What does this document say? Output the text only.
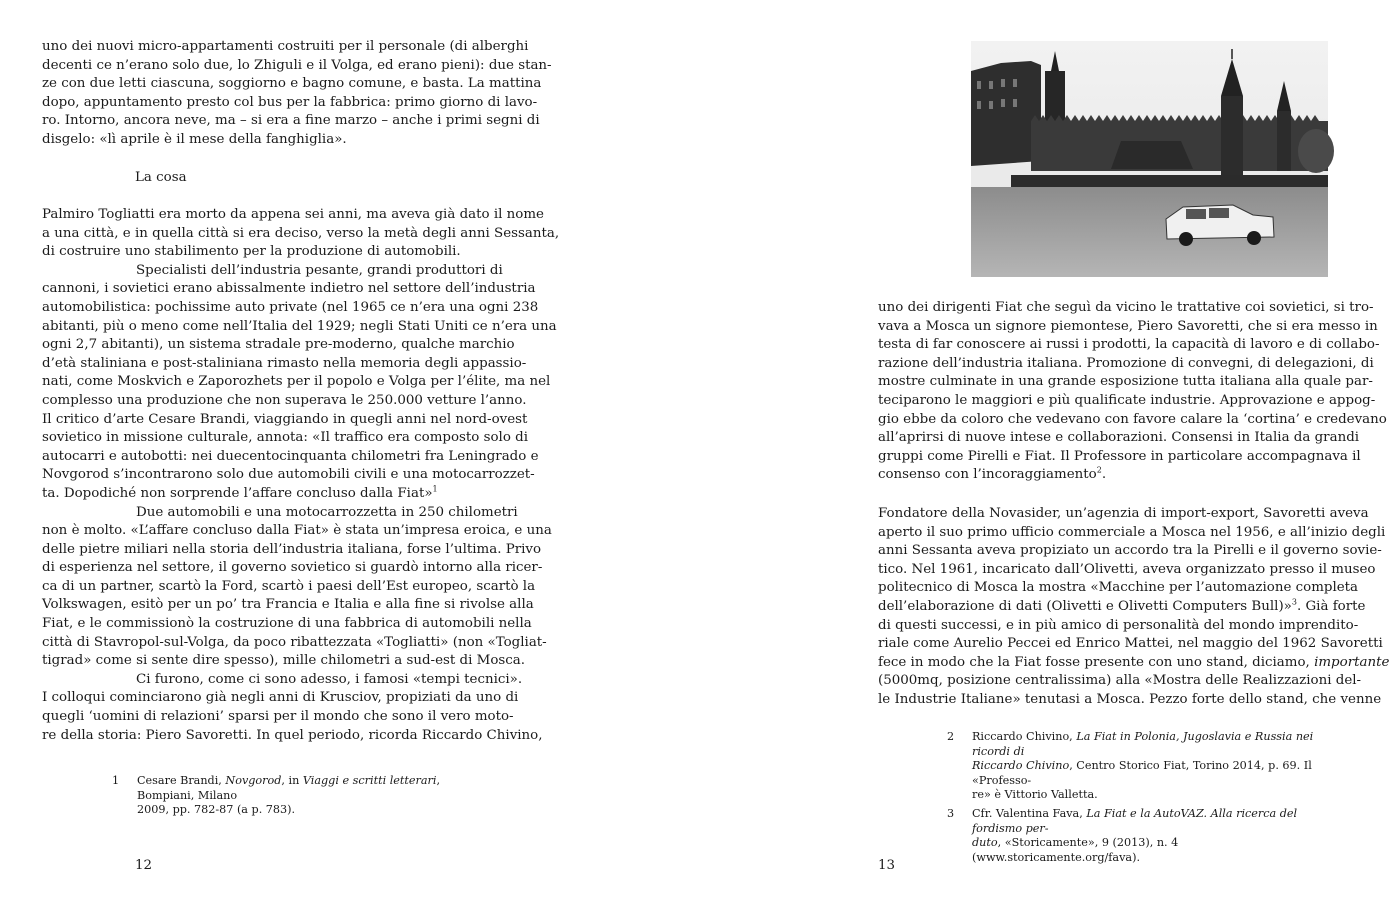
uno dei nuovi micro-appartamenti costruiti per il personale (di alberghi
decenti ce n’erano solo due, lo Zhiguli e il Volga, ed erano pieni): due stan-
ze con due letti ciascuna, soggiorno e bagno comune, e basta. La mattina
dopo, appuntamento presto col bus per la fabbrica: primo giorno di lavo-
ro. Intorno, ancora neve, ma – si era a fine marzo – anche i primi segni di
disgelo: «lì aprile è il mese della fanghiglia».
La cosa
Palmiro Togliatti era morto da appena sei anni, ma aveva già dato il nome
a una città, e in quella città si era deciso, verso la metà degli anni Sessanta,
di costruire uno stabilimento per la produzione di automobili.
Specialisti dell’industria pesante, grandi produttori di
cannoni, i sovietici erano abissalmente indietro nel settore dell’industria
automobilistica: pochissime auto private (nel 1965 ce n’era una ogni 238
abitanti, più o meno come nell’Italia del 1929; negli Stati Uniti ce n’era una
ogni 2,7 abitanti), un sistema stradale pre-moderno, qualche marchio
d’età staliniana e post-staliniana rimasto nella memoria degli appassio-
nati, come Moskvich e Zaporozhets per il popolo e Volga per l’élite, ma nel
complesso una produzione che non superava le 250.000 vetture l’anno.
Il critico d’arte Cesare Brandi, viaggiando in quegli anni nel nord-ovest
sovietico in missione culturale, annota: «Il traffico era composto solo di
autocarri e autobotti: nei duecentocinquanta chilometri fra Leningrado e
Novgorod s’incontrarono solo due automobili civili e una motocarrozzet-
ta. Dopodiché non sorprende l’affare concluso dalla Fiat»$^1$
Due automobili e una motocarrozzetta in 250 chilometri
non è molto. «L’affare concluso dalla Fiat» è stata un’impresa eroica, e una
delle pietre miliari nella storia dell’industria italiana, forse l’ultima. Privo
di esperienza nel settore, il governo sovietico si guardò intorno alla ricer-
ca di un partner, scartò la Ford, scartò i paesi dell’Est europeo, scartò la
Volkswagen, esitò per un po’ tra Francia e Italia e alla fine si rivolse alla
Fiat, e le commissionò la costruzione di una fabbrica di automobili nella
città di Stavropol-sul-Volga, da poco ribattezzata «Togliatti» (non «Togliat-
tigrad» come si sente dire spesso), mille chilometri a sud-est di Mosca.
Ci furono, come ci sono adesso, i famosi «tempi tecnici».
I colloqui cominciarono già negli anni di Krusciov, propiziati da uno di
quegli ‘uomini di relazioni’ sparsi per il mondo che sono il vero moto-
re della storia: Piero Savoretti. In quel periodo, ricorda Riccardo Chivino,
1 Cesare Brandi, Novgorod, in Viaggi e scritti letterari, Bompiani, Milano
2009, pp. 782-87 (a p. 783).
12
uno dei dirigenti Fiat che seguì da vicino le trattative coi sovietici, si tro-
vava a Mosca un signore piemontese, Piero Savoretti, che si era messo in
testa di far conoscere ai russi i prodotti, la capacità di lavoro e di collabo-
razione dell’industria italiana. Promozione di convegni, di delegazioni, di
mostre culminate in una grande esposizione tutta italiana alla quale par-
teciparono le maggiori e più qualificate industrie. Approvazione e appog-
gio ebbe da coloro che vedevano con favore calare la ‘cortina’ e credevano
all’aprirsi di nuove intese e collaborazioni. Consensi in Italia da grandi
gruppi come Pirelli e Fiat. Il Professore in particolare accompagnava il
consenso con l’incoraggiamento$^2$.
Fondatore della Novasider, un’agenzia di import-export, Savoretti aveva
aperto il suo primo ufficio commerciale a Mosca nel 1956, e all’inizio degli
anni Sessanta aveva propiziato un accordo tra la Pirelli e il governo sovie-
tico. Nel 1961, incaricato dall’Olivetti, aveva organizzato presso il museo
politecnico di Mosca la mostra «Macchine per l’automazione completa
dell’elaborazione di dati (Olivetti e Olivetti Computers Bull)»$^3$. Già forte
di questi successi, e in più amico di personalità del mondo imprendito-
riale come Aurelio Peccei ed Enrico Mattei, nel maggio del 1962 Savoretti
fece in modo che la Fiat fosse presente con uno stand, diciamo, importante
(5000mq, posizione centralissima) alla «Mostra delle Realizzazioni del-
le Industrie Italiane» tenutasi a Mosca. Pezzo forte dello stand, che venne
2 Riccardo Chivino, La Fiat in Polonia, Jugoslavia e Russia nei ricordi di
Riccardo Chivino, Centro Storico Fiat, Torino 2014, p. 69. Il «Professo-
re» è Vittorio Valletta.
3 Cfr. Valentina Fava, La Fiat e la AutoVAZ. Alla ricerca del fordismo per-
duto, «Storicamente», 9 (2013), n. 4 (www.storicamente.org/fava).
13
